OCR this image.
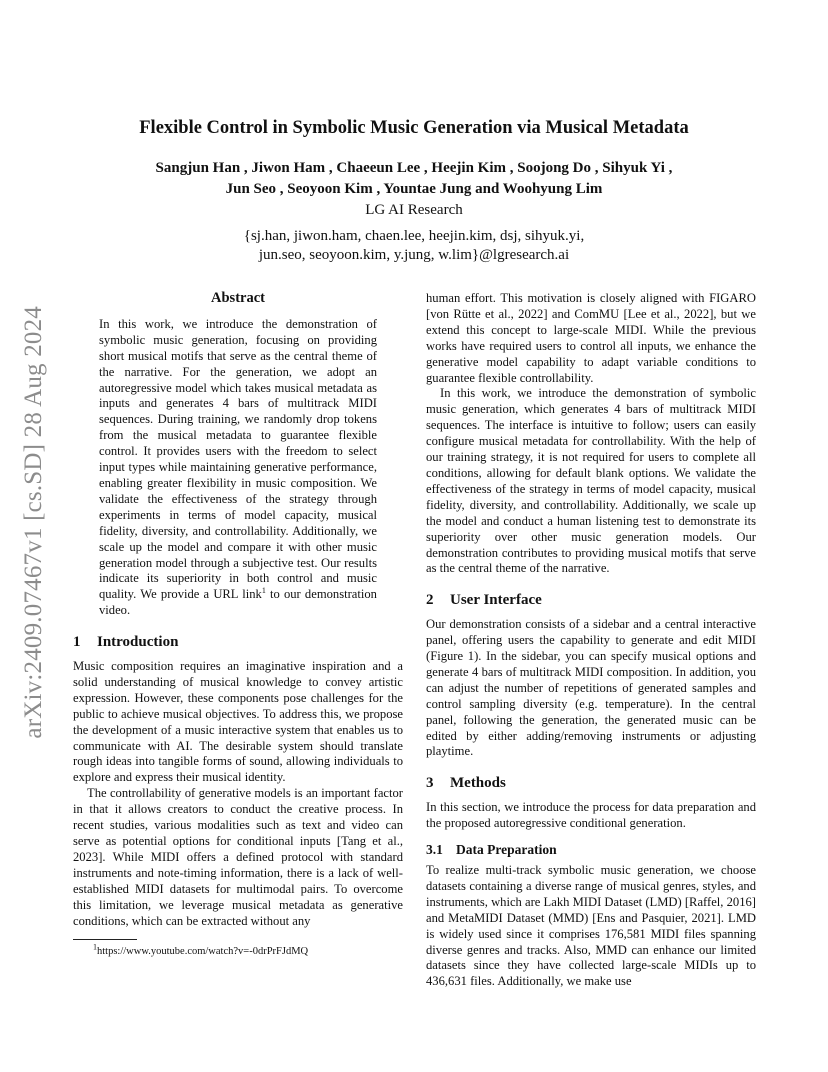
arXiv:2409.07467v1 [cs.SD] 28 Aug 2024
Flexible Control in Symbolic Music Generation via Musical Metadata
Sangjun Han , Jiwon Ham , Chaeeun Lee , Heejin Kim , Soojong Do , Sihyuk Yi ,
Jun Seo , Seoyoon Kim , Yountae Jung and Woohyung Lim
LG AI Research
{sj.han, jiwon.ham, chaen.lee, heejin.kim, dsj, sihyuk.yi,
jun.seo, seoyoon.kim, y.jung, w.lim}@lgresearch.ai
Abstract

In this work, we introduce the demonstration of symbolic music generation, focusing on providing short musical motifs that serve as the central theme of the narrative. For the generation, we adopt an autoregressive model which takes musical metadata as inputs and generates 4 bars of multitrack MIDI sequences. During training, we randomly drop tokens from the musical metadata to guarantee flexible control. It provides users with the freedom to select input types while maintaining generative performance, enabling greater flexibility in music composition. We validate the effectiveness of the strategy through experiments in terms of model capacity, musical fidelity, diversity, and controllability. Additionally, we scale up the model and compare it with other music generation model through a subjective test. Our results indicate its superiority in both control and music quality. We provide a URL link$^1$ to our demonstration video.

1 Introduction

Music composition requires an imaginative inspiration and a solid understanding of musical knowledge to convey artistic expression. However, these components pose challenges for the public to achieve musical objectives. To address this, we propose the development of a music interactive system that enables us to communicate with AI. The desirable system should translate rough ideas into tangible forms of sound, allowing individuals to explore and express their musical identity.

The controllability of generative models is an important factor in that it allows creators to conduct the creative process. In recent studies, various modalities such as text and video can serve as potential options for conditional inputs [Tang et al., 2023]. While MIDI offers a defined protocol with standard instruments and note-timing information, there is a lack of well-established MIDI datasets for multimodal pairs. To overcome this limitation, we leverage musical metadata as generative conditions, which can be extracted without any

$^1$https://www.youtube.com/watch?v=-0drPrFJdMQ

human effort. This motivation is closely aligned with FIGARO [von Rütte et al., 2022] and ComMU [Lee et al., 2022], but we extend this concept to large-scale MIDI. While the previous works have required users to control all inputs, we enhance the generative model capability to adapt variable conditions to guarantee flexible controllability.

In this work, we introduce the demonstration of symbolic music generation, which generates 4 bars of multitrack MIDI sequences. The interface is intuitive to follow; users can easily configure musical metadata for controllability. With the help of our training strategy, it is not required for users to complete all conditions, allowing for default blank options. We validate the effectiveness of the strategy in terms of model capacity, musical fidelity, diversity, and controllability. Additionally, we scale up the model and conduct a human listening test to demonstrate its superiority over other music generation models. Our demonstration contributes to providing musical motifs that serve as the central theme of the narrative.

2 User Interface

Our demonstration consists of a sidebar and a central interactive panel, offering users the capability to generate and edit MIDI (Figure 1). In the sidebar, you can specify musical options and generate 4 bars of multitrack MIDI composition. In addition, you can adjust the number of repetitions of generated samples and control sampling diversity (e.g. temperature). In the central panel, following the generation, the generated music can be edited by either adding/removing instruments or adjusting playtime.

3 Methods

In this section, we introduce the process for data preparation and the proposed autoregressive conditional generation.

3.1 Data Preparation

To realize multi-track symbolic music generation, we choose datasets containing a diverse range of musical genres, styles, and instruments, which are Lakh MIDI Dataset (LMD) [Raffel, 2016] and MetaMIDI Dataset (MMD) [Ens and Pasquier, 2021]. LMD is widely used since it comprises 176,581 MIDI files spanning diverse genres and tracks. Also, MMD can enhance our limited datasets since they have collected large-scale MIDIs up to 436,631 files. Additionally, we make use
